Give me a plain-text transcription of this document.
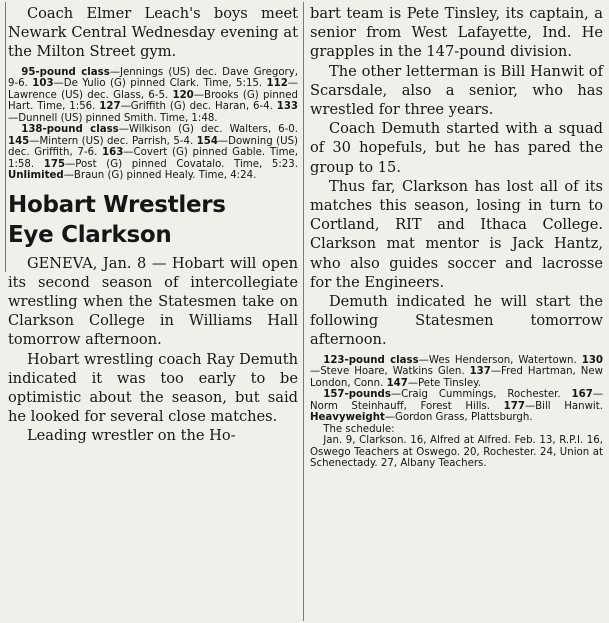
Coach Elmer Leach's boys meet Newark Central Wednesday evening at the Milton Street gym.

95-pound class—Jennings (US) dec. Dave Gregory, 9-6. 103—De Yulio (G) pinned Clark. Time, 5:15. 112—Lawrence (US) dec. Glass, 6-5. 120—Brooks (G) pinned Hart. Time, 1:56. 127—Griffith (G) dec. Haran, 6-4. 133—Dunnell (US) pinned Smith. Time, 1:48.

138-pound class—Wilkison (G) dec. Walters, 6-0. 145—Mintern (US) dec. Parrish, 5-4. 154—Downing (US) dec. Griffith, 7-6. 163—Covert (G) pinned Gable. Time, 1:58. 175—Post (G) pinned Covatalo. Time, 5:23. Unlimited—Braun (G) pinned Healy. Time, 4:24.

Hobart Wrestlers
Eye Clarkson

GENEVA, Jan. 8 — Hobart will open its second season of intercollegiate wrestling when the Statesmen take on Clarkson College in Williams Hall tomorrow afternoon.

Hobart wrestling coach Ray Demuth indicated it was too early to be optimistic about the season, but said he looked for several close matches.

Leading wrestler on the Ho-

bart team is Pete Tinsley, its captain, a senior from West Lafayette, Ind. He grapples in the 147-pound division.

The other letterman is Bill Hanwit of Scarsdale, also a senior, who has wrestled for three years.

Coach Demuth started with a squad of 30 hopefuls, but he has pared the group to 15.

Thus far, Clarkson has lost all of its matches this season, losing in turn to Cortland, RIT and Ithaca College. Clarkson mat mentor is Jack Hantz, who also guides soccer and lacrosse for the Engineers.

Demuth indicated he will start the following Statesmen tomorrow afternoon.

123-pound class—Wes Henderson, Watertown. 130—Steve Hoare, Watkins Glen. 137—Fred Hartman, New London, Conn. 147—Pete Tinsley.

157-pounds—Craig Cummings, Rochester. 167—Norm Steinhauff, Forest Hills. 177—Bill Hanwit. Heavyweight—Gordon Grass, Plattsburgh.

The schedule:

Jan. 9, Clarkson. 16, Alfred at Alfred. Feb. 13, R.P.I. 16, Oswego Teachers at Oswego. 20, Rochester. 24, Union at Schenectady. 27, Albany Teachers.
